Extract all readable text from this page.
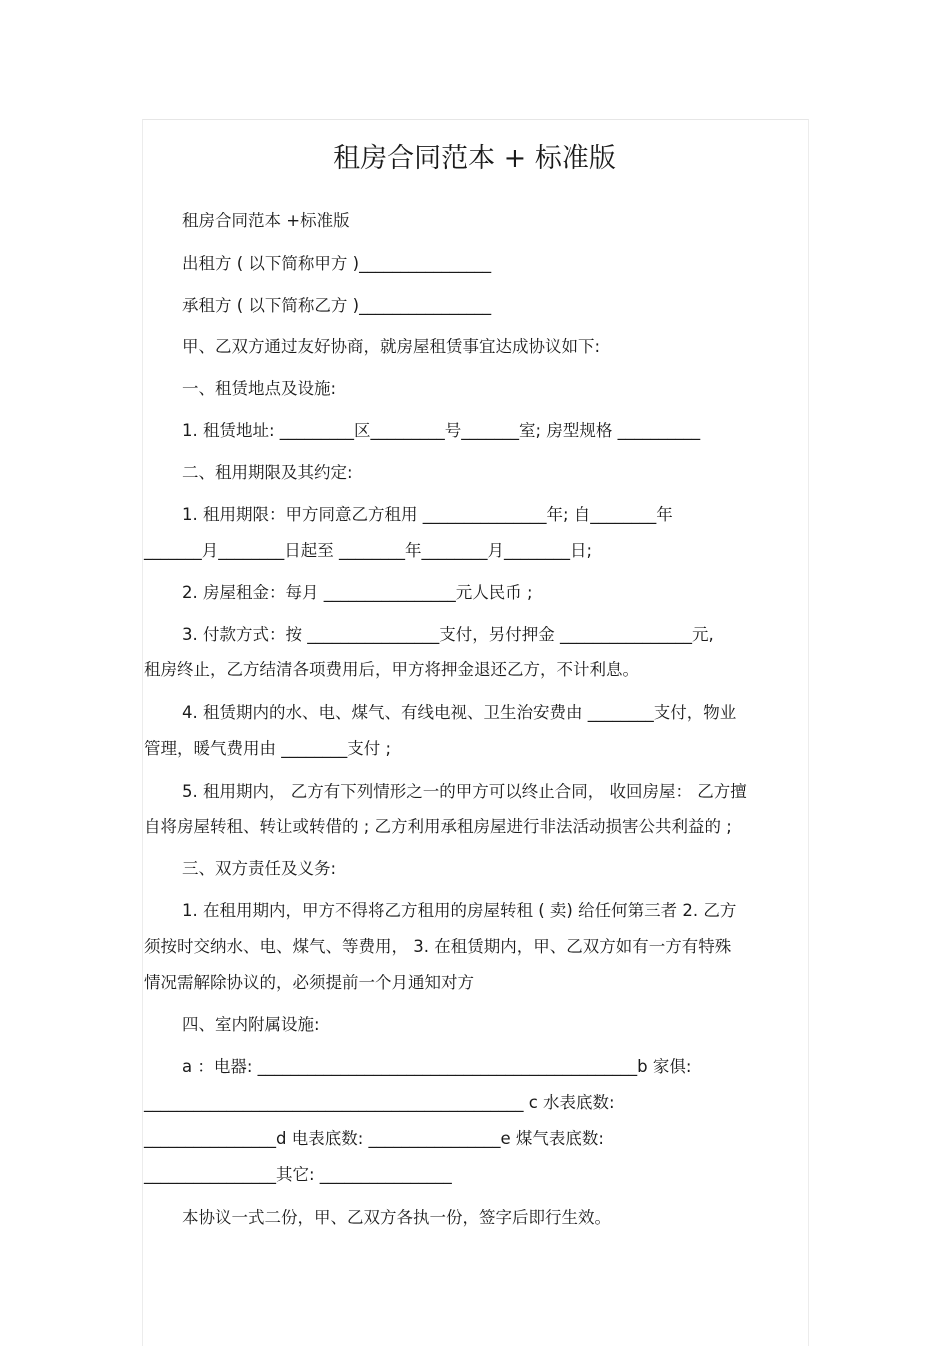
租房合同范本 + 标准版
租房合同范本 +标准版
出租方 ( 以下简称甲方 )________________
承租方 ( 以下简称乙方 )________________
甲、乙双方通过友好协商，就房屋租赁事宜达成协议如下:
一、租赁地点及设施:
1. 租赁地址: _________区_________号_______室; 房型规格 __________
二、租用期限及其约定:
1. 租用期限：甲方同意乙方租用 _______________年; 自________年
_______月________日起至 ________年________月________日;
2. 房屋租金：每月 ________________元人民币 ;
3. 付款方式：按 ________________支付，另付押金 ________________元,
租房终止，乙方结清各项费用后，甲方将押金退还乙方，不计利息。
4. 租赁期内的水、电、煤气、有线电视、卫生治安费由 ________支付，物业
管理，暖气费用由 ________支付 ;
5. 租用期内， 乙方有下列情形之一的甲方可以终止合同， 收回房屋： 乙方擅
自将房屋转租、转让或转借的 ; 乙方利用承租房屋进行非法活动损害公共利益的 ;
三、双方责任及义务:
1. 在租用期内，甲方不得将乙方租用的房屋转租 ( 卖) 给任何第三者 2. 乙方
须按时交纳水、电、煤气、等费用， 3. 在租赁期内，甲、乙双方如有一方有特殊
情况需解除协议的，必须提前一个月通知对方
四、室内附属设施:
a ：电器: ______________________________________________b 家俱:
______________________________________________ c 水表底数:
________________d 电表底数: ________________e 煤气表底数:
________________其它: ________________
本协议一式二份，甲、乙双方各执一份，签字后即行生效。
